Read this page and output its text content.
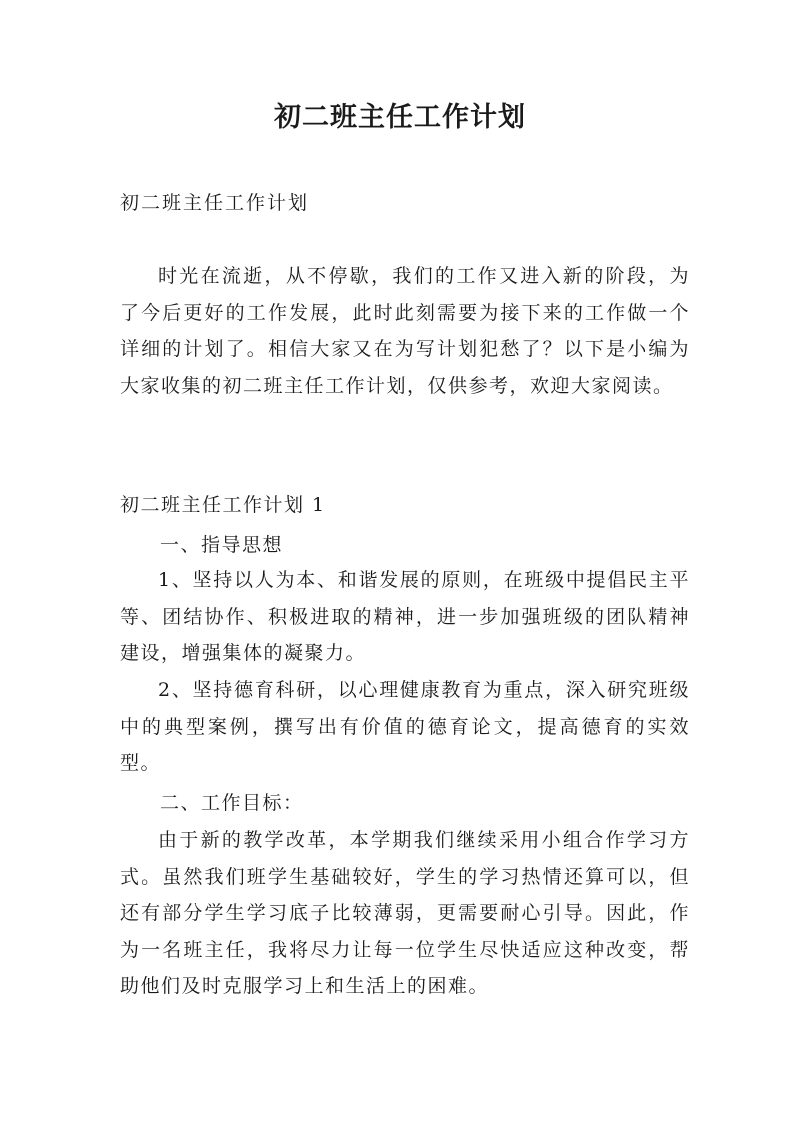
初二班主任工作计划

初二班主任工作计划

时光在流逝，从不停歇，我们的工作又进入新的阶段，为了今后更好的工作发展，此时此刻需要为接下来的工作做一个详细的计划了。相信大家又在为写计划犯愁了？以下是小编为大家收集的初二班主任工作计划，仅供参考，欢迎大家阅读。

初二班主任工作计划 1

一、指导思想

1、坚持以人为本、和谐发展的原则，在班级中提倡民主平等、团结协作、积极进取的精神，进一步加强班级的团队精神建设，增强集体的凝聚力。

2、坚持德育科研，以心理健康教育为重点，深入研究班级中的典型案例，撰写出有价值的德育论文，提高德育的实效型。

二、工作目标：

由于新的教学改革，本学期我们继续采用小组合作学习方式。虽然我们班学生基础较好，学生的学习热情还算可以，但还有部分学生学习底子比较薄弱，更需要耐心引导。因此，作为一名班主任，我将尽力让每一位学生尽快适应这种改变，帮助他们及时克服学习上和生活上的困难。
